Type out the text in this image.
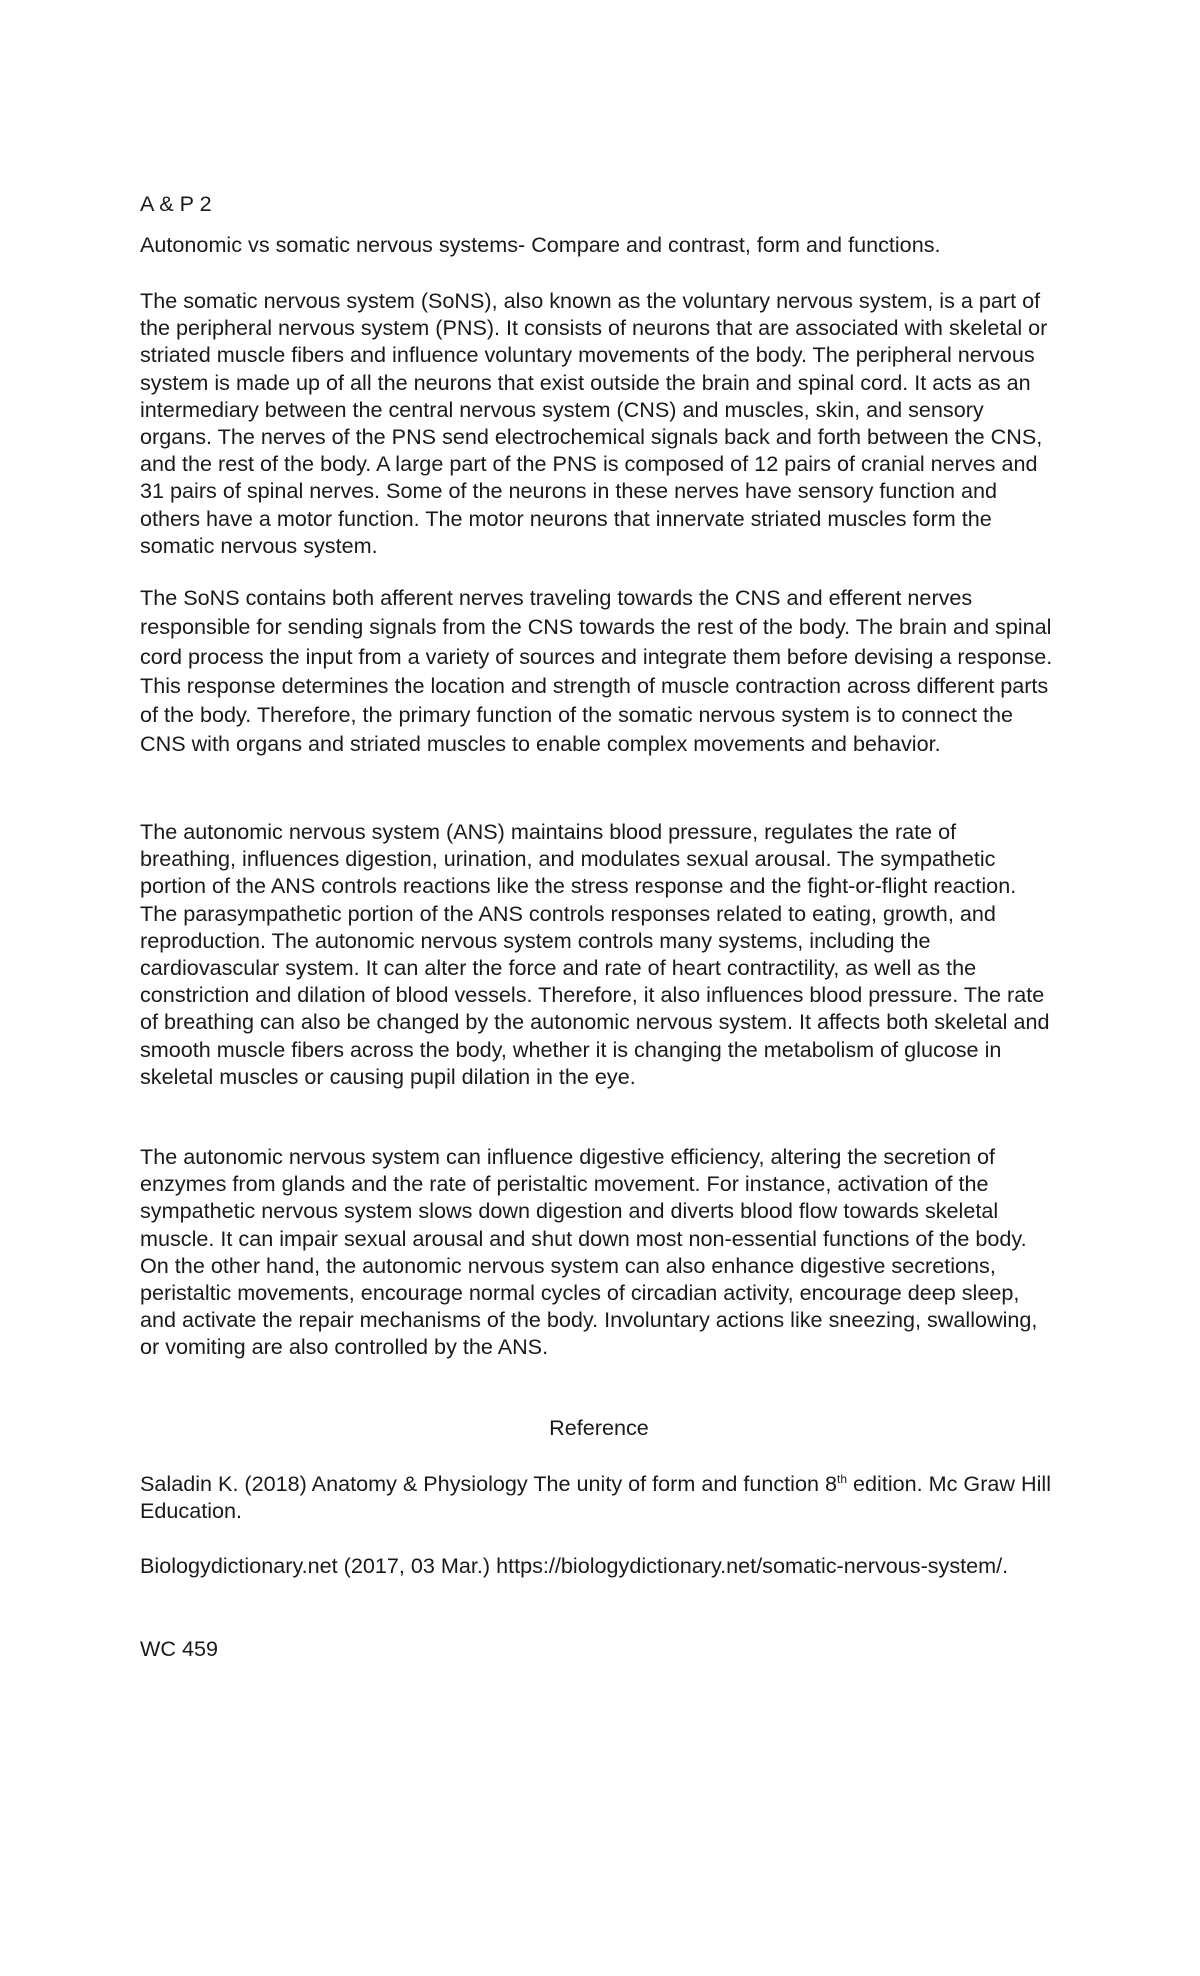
A & P 2

Autonomic vs somatic nervous systems- Compare and contrast, form and functions.

The somatic nervous system (SoNS), also known as the voluntary nervous system, is a part of the peripheral nervous system (PNS). It consists of neurons that are associated with skeletal or striated muscle fibers and influence voluntary movements of the body. The peripheral nervous system is made up of all the neurons that exist outside the brain and spinal cord. It acts as an intermediary between the central nervous system (CNS) and muscles, skin, and sensory organs. The nerves of the PNS send electrochemical signals back and forth between the CNS, and the rest of the body. A large part of the PNS is composed of 12 pairs of cranial nerves and 31 pairs of spinal nerves. Some of the neurons in these nerves have sensory function and others have a motor function. The motor neurons that innervate striated muscles form the somatic nervous system.

The SoNS contains both afferent nerves traveling towards the CNS and efferent nerves responsible for sending signals from the CNS towards the rest of the body. The brain and spinal cord process the input from a variety of sources and integrate them before devising a response. This response determines the location and strength of muscle contraction across different parts of the body. Therefore, the primary function of the somatic nervous system is to connect the CNS with organs and striated muscles to enable complex movements and behavior.

The autonomic nervous system (ANS) maintains blood pressure, regulates the rate of breathing, influences digestion, urination, and modulates sexual arousal. The sympathetic portion of the ANS controls reactions like the stress response and the fight-or-flight reaction. The parasympathetic portion of the ANS controls responses related to eating, growth, and reproduction. The autonomic nervous system controls many systems, including the cardiovascular system. It can alter the force and rate of heart contractility, as well as the constriction and dilation of blood vessels. Therefore, it also influences blood pressure. The rate of breathing can also be changed by the autonomic nervous system. It affects both skeletal and smooth muscle fibers across the body, whether it is changing the metabolism of glucose in skeletal muscles or causing pupil dilation in the eye.

The autonomic nervous system can influence digestive efficiency, altering the secretion of enzymes from glands and the rate of peristaltic movement. For instance, activation of the sympathetic nervous system slows down digestion and diverts blood flow towards skeletal muscle. It can impair sexual arousal and shut down most non-essential functions of the body. On the other hand, the autonomic nervous system can also enhance digestive secretions, peristaltic movements, encourage normal cycles of circadian activity, encourage deep sleep, and activate the repair mechanisms of the body. Involuntary actions like sneezing, swallowing, or vomiting are also controlled by the ANS.

Reference

Saladin K. (2018) Anatomy & Physiology The unity of form and function 8th edition. Mc Graw Hill Education.

Biologydictionary.net (2017, 03 Mar.) https://biologydictionary.net/somatic-nervous-system/.

WC 459
